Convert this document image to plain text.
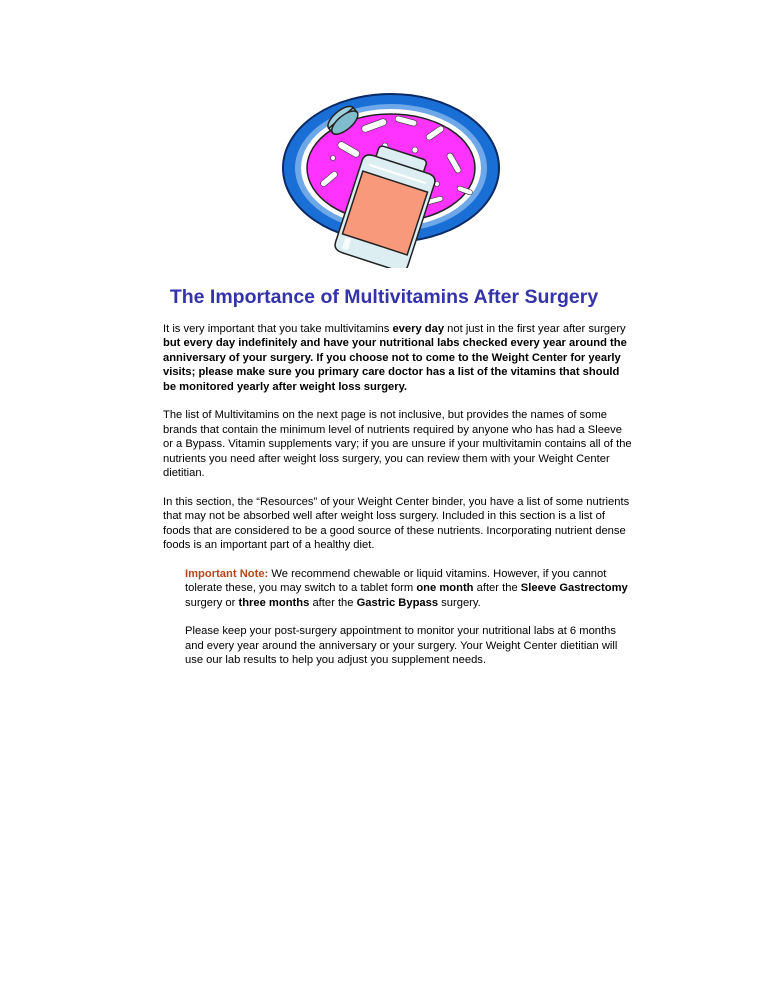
The Importance of Multivitamins After Surgery

It is very important that you take multivitamins every day not just in the first year after surgery but every day indefinitely and have your nutritional labs checked every year around the anniversary of your surgery. If you choose not to come to the Weight Center for yearly visits; please make sure you primary care doctor has a list of the vitamins that should be monitored yearly after weight loss surgery.

The list of Multivitamins on the next page is not inclusive, but provides the names of some brands that contain the minimum level of nutrients required by anyone who has had a Sleeve or a Bypass. Vitamin supplements vary; if you are unsure if your multivitamin contains all of the nutrients you need after weight loss surgery, you can review them with your Weight Center dietitian.

In this section, the “Resources” of your Weight Center binder, you have a list of some nutrients that may not be absorbed well after weight loss surgery. Included in this section is a list of foods that are considered to be a good source of these nutrients. Incorporating nutrient dense foods is an important part of a healthy diet.

Important Note: We recommend chewable or liquid vitamins. However, if you cannot tolerate these, you may switch to a tablet form one month after the Sleeve Gastrectomy surgery or three months after the Gastric Bypass surgery.

Please keep your post-surgery appointment to monitor your nutritional labs at 6 months and every year around the anniversary or your surgery. Your Weight Center dietitian will use our lab results to help you adjust you supplement needs.
